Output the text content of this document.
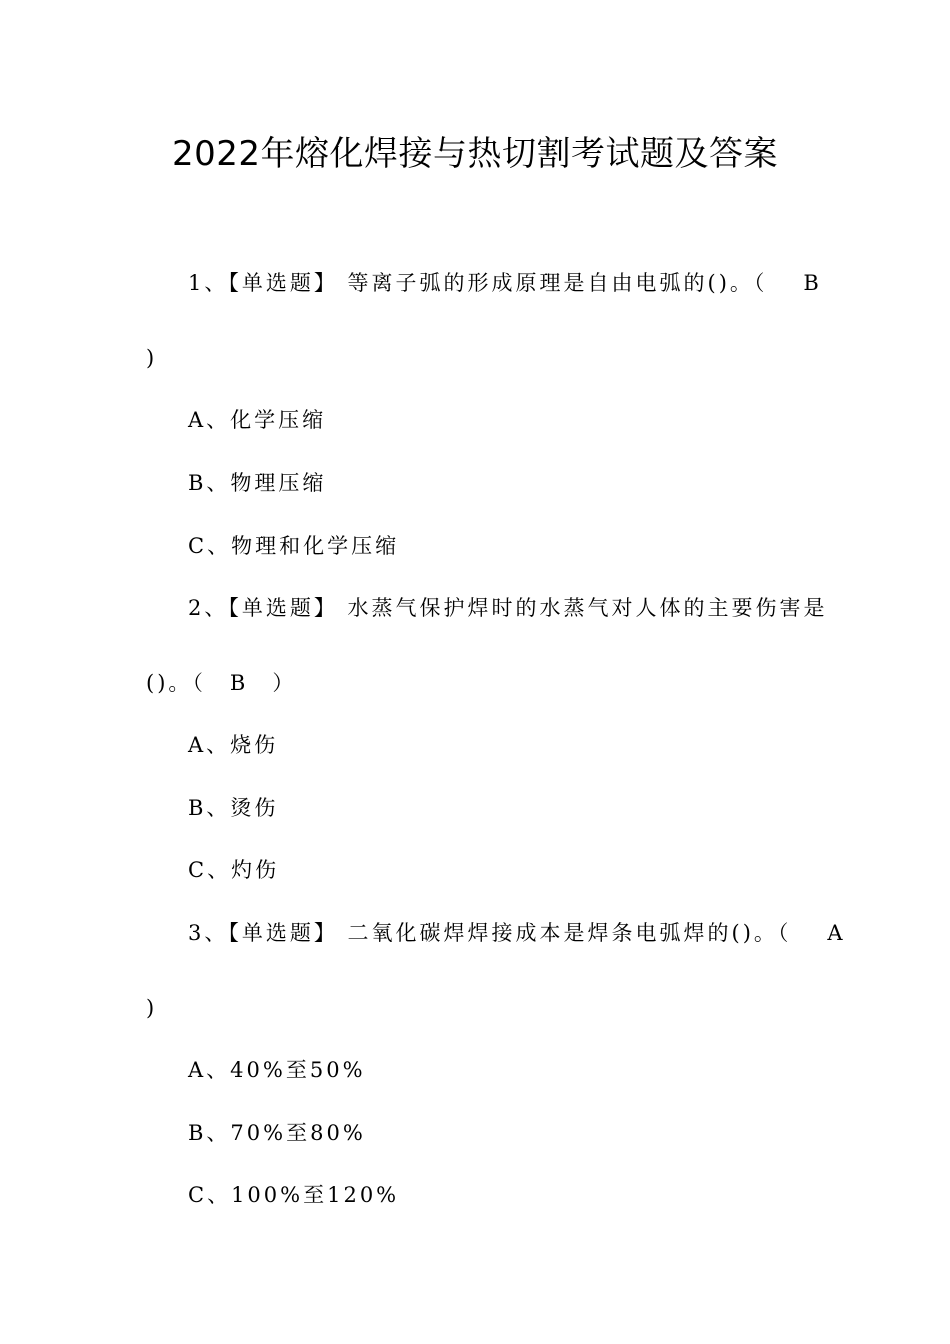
2022年熔化焊接与热切割考试题及答案
1、【单选题】 等离子弧的形成原理是自由电弧的()。（ B
)
A、化学压缩
B、物理压缩
C、物理和化学压缩
2、【单选题】 水蒸气保护焊时的水蒸气对人体的主要伤害是
()。（　B　）
A、烧伤
B、烫伤
C、灼伤
3、【单选题】 二氧化碳焊焊接成本是焊条电弧焊的()。（ A
)
A、40%至50%
B、70%至80%
C、100%至120%
